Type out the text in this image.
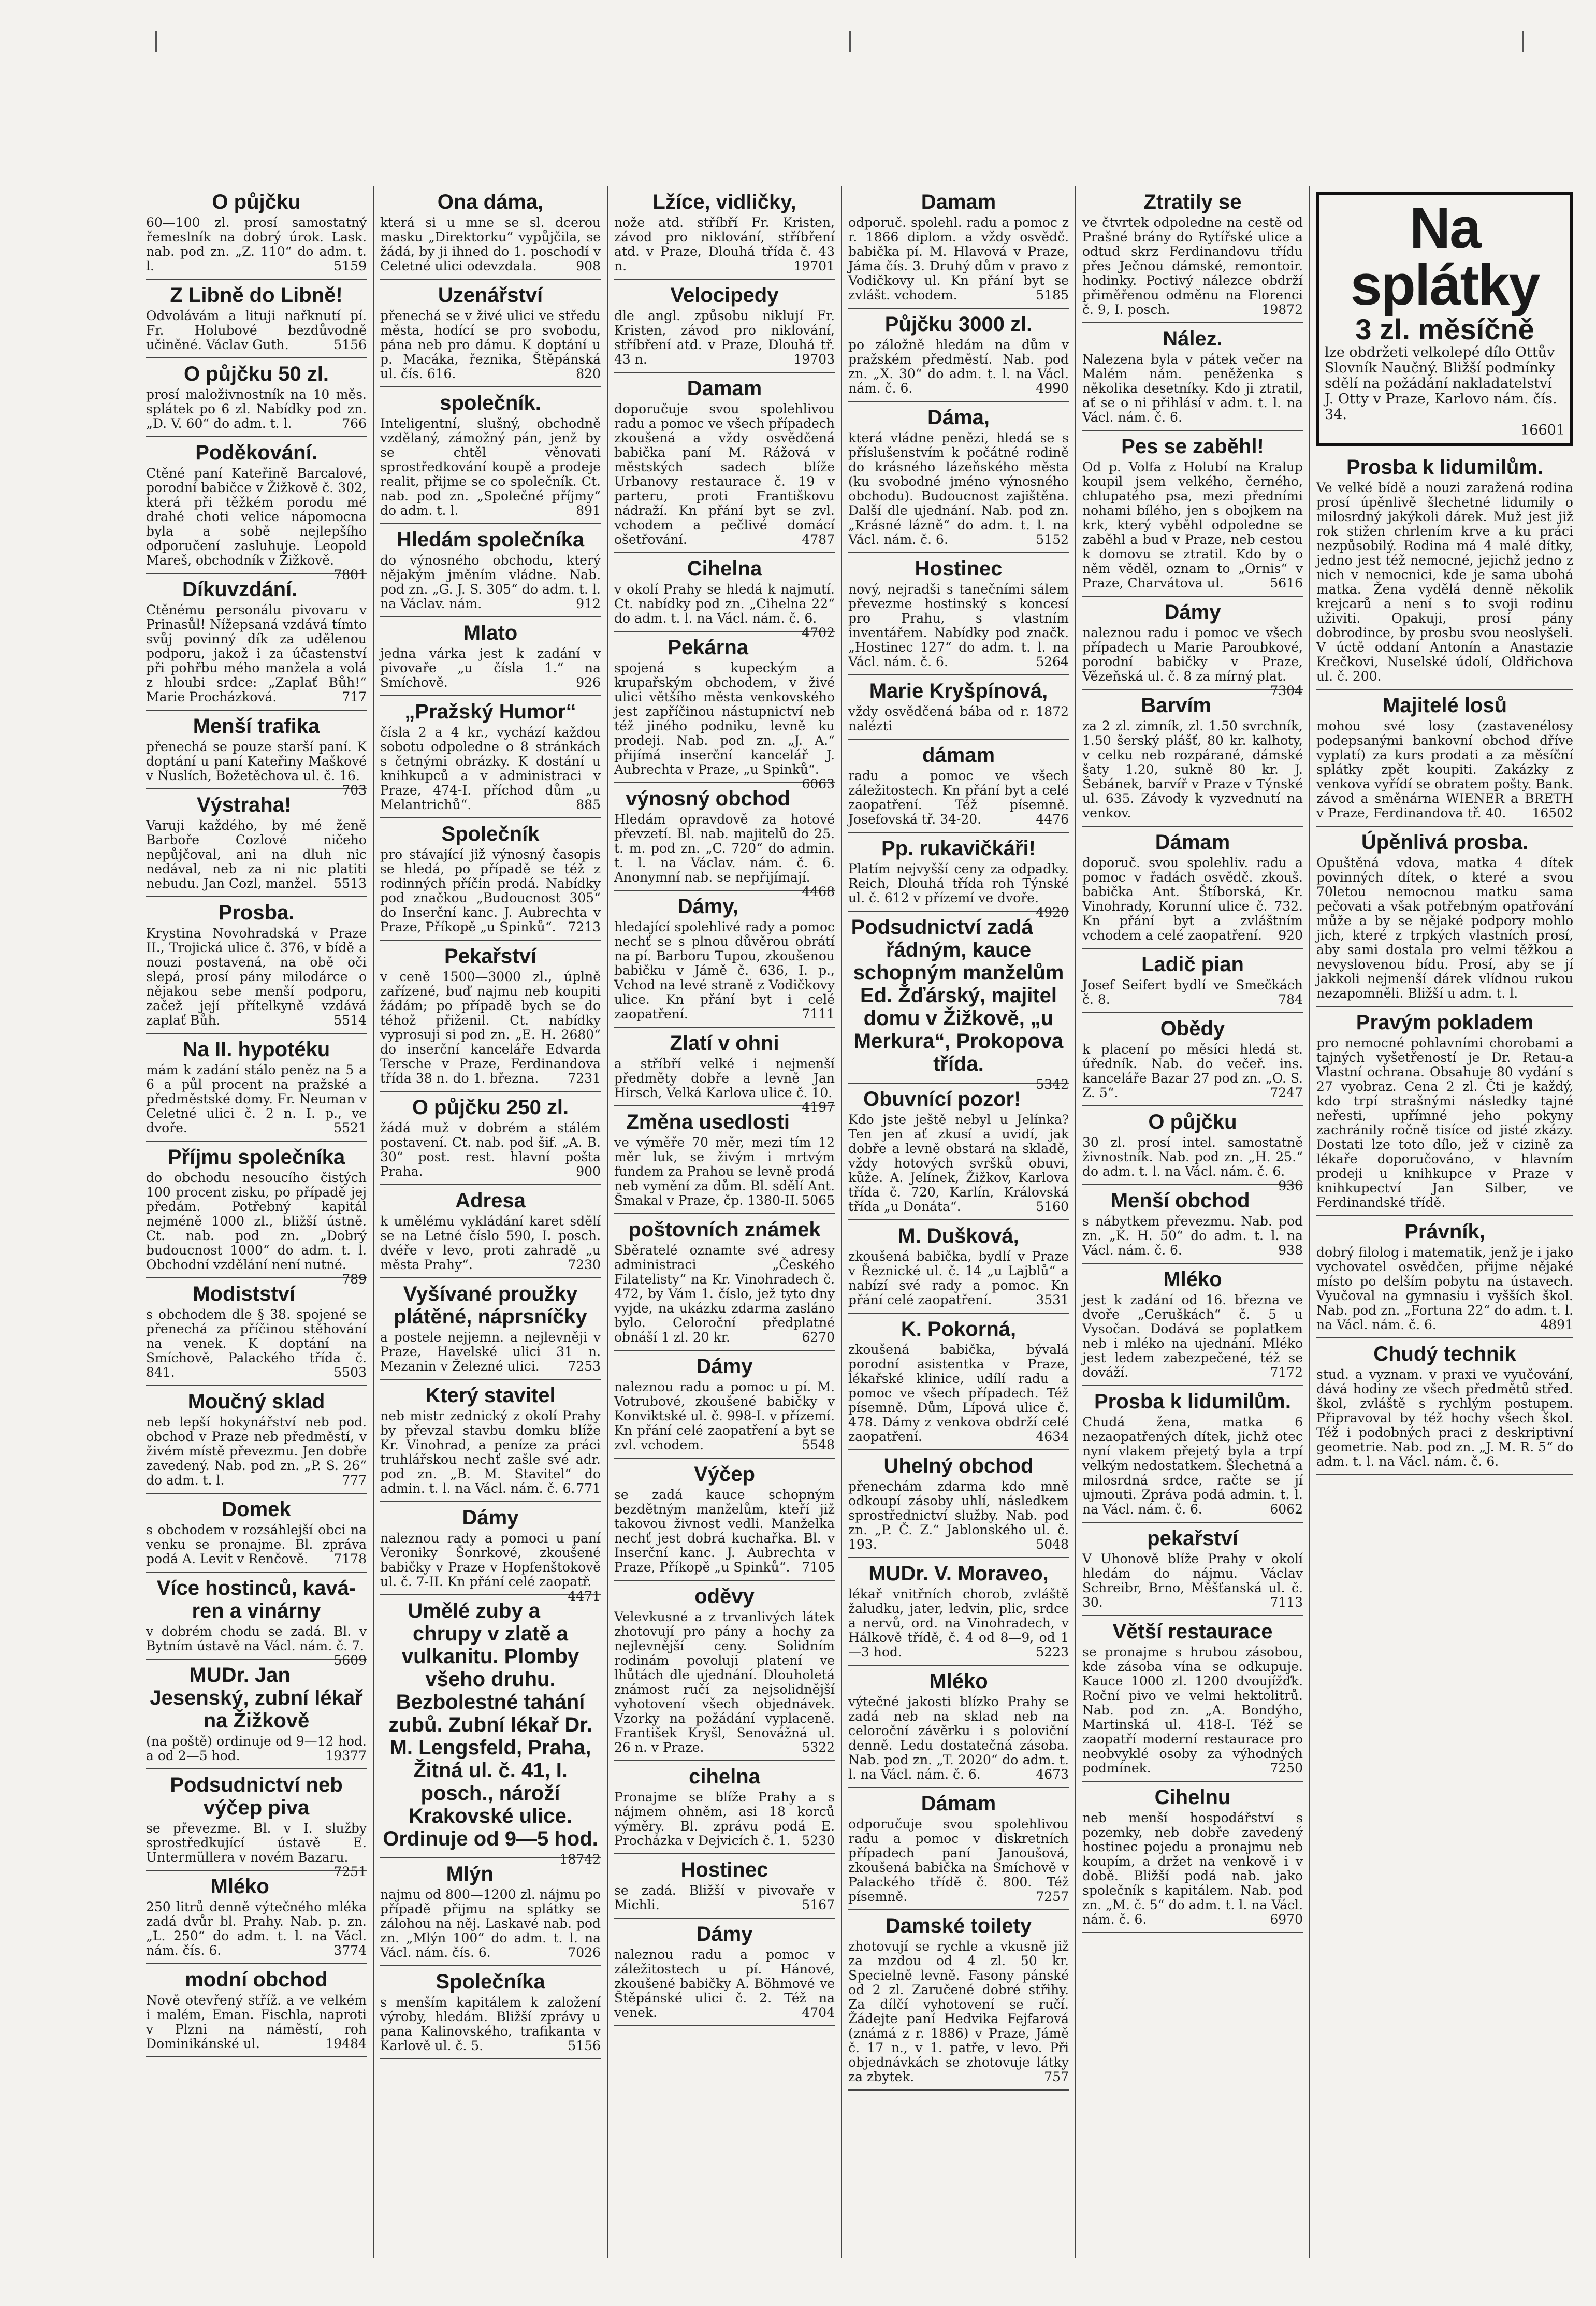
O půjčku
60—100 zl. prosí samostatný řemeslník na dobrý úrok. Lask. nab. pod zn. „Z. 110“ do adm. t. l.	5159
Z Libně do Libně!
Odvolávám a lituji nařknutí pí. Fr. Holubové bezdůvodně učiněné. Václav Guth.	5156
O půjčku 50 zl.
prosí maloživnostník na 10 měs. splátek po 6 zl. Nabídky pod zn. „D. V. 60“ do adm. t. l.	766
Poděkování.
Ctěné paní Kateřině Barcalové, porodní babičce v Žižkově č. 302, která při těžkém porodu mé drahé choti velice nápomocna byla a sobě nejlepšího odporučení zasluhuje. Leopold Mareš, obchodník v Žižkově.
7801
Díkuvzdání.
Ctěnému personálu pivovaru v Prinasůl! Nížepsaná vzdává tímto svůj povinný dík za udělenou podporu, jakož i za účastenství při pohřbu mého manžela a volá z hloubi srdce: „Zaplať Bůh!“ Marie Procházková.	717
Menší trafika
přenechá se pouze starší paní. K doptání u paní Kateřiny Maškové v Nuslích, Božetěchova ul. č. 16.
703
Výstraha!
Varuji každého, by mé ženě Barboře Cozlové ničeho nepůjčoval, ani na dluh nic nedával, neb za ni nic platiti nebudu. Jan Cozl, manžel. 5513
Prosba.
Krystina Novohradská v Praze II., Trojická ulice č. 376, v bídě a nouzi postavená, na obě oči slepá, prosí pány milodárce o nějakou sebe menší podporu, začež její přítelkyně vzdává zaplať Bůh.	5514
Na II. hypotéku
mám k zadání stálo peněz na 5 a 6 a půl procent na pražské a předměstské domy. Fr. Neuman v Celetné ulici č. 2 n. I. p., ve dvoře.	5521
Příjmu společníka
do obchodu nesoucího čistých 100 procent zisku, po případě jej předám. Potřebný kapitál nejméně 1000 zl., bližší ústně. Ct. nab. pod zn. „Dobrý budoucnost 1000“ do adm. t. l. Obchodní vzdělání není nutné.
789
Modistství
s obchodem dle § 38. spojené se přenechá za příčinou stěhování na venek. K doptání na Smíchově, Palackého třída č. 841.	5503
Moučný sklad
neb lepší hokynářství neb pod. obchod v Praze neb předměstí, v živém místě převezmu. Jen dobře zavedený. Nab. pod zn. „P. S. 26“ do adm. t. l.	777
Domek
s obchodem v rozsáhlejší obci na venku se pronajme. Bl. zpráva podá A. Levit v Renčově. 7178
Více hostinců, kaváren a vinárny
v dobrém chodu se zadá. Bl. v Bytním ústavě na Václ. nám. č. 7.
5609
MUDr. Jan Jesenský, zubní lékař na Žižkově
(na poště) ordinuje od 9—12 hod. a od 2—5 hod.	19377
Podsudnictví neb výčep piva
se převezme. Bl. v I. služby sprostředkující ústavě E. Untermüllera v novém Bazaru.
7251
Mléko
250 litrů denně výtečného mléka zadá dvůr bl. Prahy. Nab. p. zn. „L. 250“ do adm. t. l. na Václ. nám. čís. 6.	3774
modní obchod
Nově otevřený stříž. a ve velkém i malém, Eman. Fischla, naproti v Plzni na náměstí, roh Dominikánské ul.	19484
Ona dáma,
která si u mne se sl. dcerou masku „Direktorku“ vypůjčila, se žádá, by ji ihned do 1. poschodí v Celetné ulici odevzdala.	908
Uzenářství
přenechá se v živé ulici ve středu města, hodící se pro svobodu, pána neb pro dámu. K doptání u p. Macáka, řeznika, Štěpánská ul. čís. 616.	820
společník.
Inteligentní, slušný, obchodně vzdělaný, zámožný pán, jenž by se chtěl věnovati sprostředkování koupě a prodeje realit, přijme se co společník. Ct. nab. pod zn. „Společné příjmy“ do adm. t. l.	891
Hledám společníka
do výnosného obchodu, který nějakým jměním vládne. Nab. pod zn. „G. J. S. 305“ do adm. t. l. na Václav. nám.	912
Mlato
jedna várka jest k zadání v pivovaře „u čísla 1.“ na Smíchově.	926
„Pražský Humor“
čísla 2 a 4 kr., vychází každou sobotu odpoledne o 8 stránkách s četnými obrázky. K dostání u knihkupců a v administraci v Praze, 474-I. příchod dům „u Melantrichů“.	885
Společník
pro stávající již výnosný časopis se hledá, po případě se též z rodinných příčin prodá. Nabídky pod značkou „Budoucnost 305“ do Inserční kanc. J. Aubrechta v Praze, Příkopě „u Spinků“. 7213
Pekařství
v ceně 1500—3000 zl., úplně zařízené, buď najmu neb koupiti žádám; po případě bych se do téhož přiženil. Ct. nabídky vyprosuji si pod zn. „E. H. 2680“ do inserční kanceláře Edvarda Tersche v Praze, Ferdinandova třída 38 n. do 1. března. 7231
O půjčku 250 zl.
žádá muž v dobrém a stálém postavení. Ct. nab. pod šif. „A. B. 30“ post. rest. hlavní pošta Praha.	900
Adresa
k umělému vykládání karet sdělí se na Letné číslo 590, I. posch. dvéře v levo, proti zahradě „u města Prahy“.	7230
Vyšívané proužky plátěné, náprsníčky
a postele nejjemn. a nejlevněji v Praze, Havelské ulici 31 n. Mezanin v Železné ulici. 7253
Který stavitel
neb mistr zednický z okolí Prahy by převzal stavbu domku blíže Kr. Vinohrad, a peníze za práci truhlářskou nechť zašle své adr. pod zn. „B. M. Stavitel“ do admin. t. l. na Václ. nám. č. 6. 771
Dámy
naleznou rady a pomoci u paní Veroniky Šonrkové, zkoušené babičky v Praze v Hopfenštokově ul. č. 7-II. Kn přání celé zaopatř.
4471
Umělé zuby a chrupy v zlatě a vulkanitu. Plomby všeho druhu. Bezbolestné tahání zubů. Zubní lékař Dr. M. Lengsfeld, Praha, Žitná ul. č. 41, I. posch., nároží Krakovské ulice. Ordinuje od 9—5 hod.
18742
Mlýn
najmu od 800—1200 zl. nájmu po případě přijmu na splátky se zálohou na něj. Laskavé nab. pod zn. „Mlýn 100“ do adm. t. l. na Václ. nám. čís. 6.	7026
Společníka
s menším kapitálem k založení výroby, hledám. Bližší zprávy u pana Kalinovského, trafikanta v Karlově ul. č. 5.	5156
Lžíce, vidličky,
nože atd. stříbří Fr. Kristen, závod pro niklování, stříbření atd. v Praze, Dlouhá třída č. 43 n.	19701
Velocipedy
dle angl. způsobu niklují Fr. Kristen, závod pro niklování, stříbření atd. v Praze, Dlouhá tř. 43 n.	19703
Damam
doporučuje svou spolehlivou radu a pomoc ve všech případech zkoušená a vždy osvědčená babička paní M. Rážová v městských sadech blíže Urbanovy restaurace č. 19 v parteru, proti Františkovu nádraží. Kn přání byt se zvl. vchodem a pečlivé domácí ošetřování.	4787
Cihelna
v okolí Prahy se hledá k najmutí. Ct. nabídky pod zn. „Cihelna 22“ do adm. t. l. na Václ. nám. č. 6.
4702
Pekárna
spojená s kupeckým a krupařským obchodem, v živé ulici většího města venkovského jest zapříčinou nástupnictví neb též jiného podniku, levně ku prodeji. Nab. pod zn. „J. A.“ přijímá inserční kancelář J. Aubrechta v Praze, „u Spinků“.
6063
výnosný obchod
Hledám opravdově za hotové převzetí. Bl. nab. majitelů do 25. t. m. pod zn. „C. 720“ do admin. t. l. na Václav. nám. č. 6. Anonymní nab. se nepřijímají.
4468
Dámy,
hledající spolehlivé rady a pomoc nechť se s plnou důvěrou obrátí na pí. Barboru Tupou, zkoušenou babičku v Jámě č. 636, I. p., Vchod na levé straně z Vodičkovy ulice. Kn přání byt i celé zaopatření.	7111
Zlatí v ohni
a stříbří velké i nejmenší předměty dobře a levně Jan Hirsch, Velká Karlova ulice č. 10.
4197
Změna usedlosti
ve výměře 70 měr, mezi tím 12 měr luk, se živým i mrtvým fundem za Prahou se levně prodá neb vymění za dům. Bl. sdělí Ant. Šmakal v Praze, čp. 1380-II. 5065
poštovních známek
Sběratelé oznamte své adresy administraci „Českého Filatelisty“ na Kr. Vinohradech č. 472, by Vám 1. číslo, jež tyto dny vyjde, na ukázku zdarma zasláno bylo. Celoroční předplatné obnáší 1 zl. 20 kr.	6270
Dámy
naleznou radu a pomoc u pí. M. Votrubové, zkoušené babičky v Konviktské ul. č. 998-I. v přízemí. Kn přání celé zaopatření a byt se zvl. vchodem.	5548
Výčep
se zadá kauce schopným bezdětným manželům, kteří již takovou živnost vedli. Manželka nechť jest dobrá kuchařka. Bl. v Inserční kanc. J. Aubrechta v Praze, Příkopě „u Spinků“. 7105
oděvy
Velevkusné a z trvanlivých látek zhotovují pro pány a hochy za nejlevnější ceny. Solidním rodinám povoluji platení ve lhůtách dle ujednání. Dlouholetá známost ručí za nejsolidnější vyhotovení všech objednávek. Vzorky na požádání vyplaceně. František Kryšl, Senovážná ul. 26 n. v Praze.	5322
cihelna
Pronajme se blíže Prahy a s nájmem ohněm, asi 18 korců výměry. Bl. zprávu podá E. Procházka v Dejvicích č. 1. 5230
Hostinec
se zadá. Bližší v pivovaře v Michli.	5167
Dámy
naleznou radu a pomoc v záležitostech u pí. Hánové, zkoušené babičky A. Böhmové ve Štěpánské ulici č. 2. Též na venek.	4704
Damam
odporuč. spolehl. radu a pomoc z r. 1866 diplom. a vždy osvědč. babička pí. M. Hlavová v Praze, Jáma čís. 3. Druhý dům v pravo z Vodičkovy ul. Kn přání byt se zvlášt. vchodem.	5185
Půjčku 3000 zl.
po záložně hledám na dům v pražském předměstí. Nab. pod zn. „X. 30“ do adm. t. l. na Václ. nám. č. 6.	4990
Dáma,
která vládne penězi, hledá se s příslušenstvím k počátné rodině do krásného lázeňského města (ku svobodné jméno výnosného obchodu). Budoucnost zajištěna. Další dle ujednání. Nab. pod zn. „Krásné lázně“ do adm. t. l. na Václ. nám. č. 6.	5152
Hostinec
nový, nejradši s tanečními sálem převezme hostinský s koncesí pro Prahu, s vlastním inventářem. Nabídky pod značk. „Hostinec 127“ do adm. t. l. na Václ. nám. č. 6.	5264
Marie Kryšpínová,
vždy osvědčená bába od r. 1872 nalézti
dámam
radu a pomoc ve všech záležitostech. Kn přání byt a celé zaopatření. Též písemně. Josefovská tř. 34-20.	4476
Pp. rukavičkáři!
Platím nejvyšší ceny za odpadky. Reich, Dlouhá třída roh Týnské ul. č. 612 v přízemí ve dvoře.
4920
Podsudnictví zadá řádným, kauce schopným manželům Ed. Žďárský, majitel domu v Žižkově, „u Merkura“, Prokopova třída.
5342
Obuvnící pozor!
Kdo jste ještě nebyl u Jelínka? Ten jen ať zkusí a uvidí, jak dobře a levně obstará na skladě, vždy hotových svršků obuvi, kůže. A. Jelínek, Žižkov, Karlova třída č. 720, Karlín, Královská třída „u Donáta“.	5160
M. Dušková,
zkoušená babička, bydlí v Praze v Řeznické ul. č. 14 „u Lajblů“ a nabízí své rady a pomoc. Kn přání celé zaopatření.	3531
K. Pokorná,
zkoušená babička, bývalá porodní asistentka v Praze, lékařské klinice, udílí radu a pomoc ve všech případech. Též písemně. Dům, Lípová ulice č. 478. Dámy z venkova obdrží celé zaopatření.	4634
Uhelný obchod
přenechám zdarma kdo mně odkoupí zásoby uhlí, následkem sprostřednictví služby. Nab. pod zn. „P. Č. Z.“ Jablonského ul. č. 193.	5048
MUDr. V. Moraveo,
lékař vnitřních chorob, zvláště žaludku, jater, ledvin, plic, srdce a nervů, ord. na Vinohradech, v Hálkově třídě, č. 4 od 8—9, od 1—3 hod.	5223
Mléko
výtečné jakosti blízko Prahy se zadá neb na sklad neb na celoroční závěrku i s poloviční denně. Ledu dostatečná zásoba. Nab. pod zn. „T. 2020“ do adm. t. l. na Václ. nám. č. 6.	4673
Dámam
odporučuje svou spolehlivou radu a pomoc v diskretních případech paní Janoušová, zkoušená babička na Smíchově v Palackého třídě č. 800. Též písemně.	7257
Damské toilety
zhotovují se rychle a vkusně již za mzdou od 4 zl. 50 kr. Specielně levně. Fasony pánské od 2 zl. Zaručené dobré střihy. Za dílčí vyhotovení se ručí. Žádejte paní Hedvika Fejfarová (známá z r. 1886) v Praze, Jámě č. 17 n., v 1. patře, v levo. Při objednávkách se zhotovuje látky za zbytek.	757
Ztratily se
ve čtvrtek odpoledne na cestě od Prašné brány do Rytířské ulice a odtud skrz Ferdinandovu třídu přes Ječnou dámské, remontoir. hodinky. Poctivý nálezce obdrží přiměřenou odměnu na Florenci č. 9, I. posch.	19872
Nález.
Nalezena byla v pátek večer na Malém nám. peněženka s několika desetníky. Kdo ji ztratil, ať se o ni přihlásí v adm. t. l. na Václ. nám. č. 6.
Pes se zaběhl!
Od p. Volfa z Holubí na Kralup koupil jsem velkého, černého, chlupatého psa, mezi předními nohami bílého, jen s obojkem na krk, který vyběhl odpoledne se zaběhl a bud v Praze, neb cestou k domovu se ztratil. Kdo by o něm věděl, oznam to „Ornis“ v Praze, Charvátova ul.	5616
Dámy
naleznou radu i pomoc ve všech případech u Marie Paroubkové, porodní babičky v Praze, Vězeňská ul. č. 8 za mírný plat.
7304
Barvím
za 2 zl. zimník, zl. 1.50 svrchník, 1.50 šerský plášť, 80 kr. kalhoty, v celku neb rozpárané, dámské šaty 1.20, sukně 80 kr. J. Šebánek, barvíř v Praze v Týnské ul. 635. Závody k vyzvednutí na venkov.
Dámam
doporuč. svou spolehliv. radu a pomoc v řadách osvědč. zkouš. babička Ant. Štíborská, Kr. Vinohrady, Korunní ulice č. 732. Kn přání byt a zvláštním vchodem a celé zaopatření. 920
Ladič pian
Josef Seifert bydlí ve Smečkách č. 8.	784
Obědy
k placení po měsíci hledá st. úředník. Nab. do večeř. ins. kanceláře Bazar 27 pod zn. „O. S. Z. 5“.	7247
O půjčku
30 zl. prosí intel. samostatně živnostník. Nab. pod zn. „H. 25.“ do adm. t. l. na Václ. nám. č. 6.
936
Menší obchod
s nábytkem převezmu. Nab. pod zn. „K. H. 50“ do adm. t. l. na Václ. nám. č. 6.	938
Mléko
jest k zadání od 16. března ve dvoře „Ceruškách“ č. 5 u Vysočan. Dodává se poplatkem neb i mléko na ujednání. Mléko jest ledem zabezpečené, též se dováží.	7172
Prosba k lidumilům.
Chudá žena, matka 6 nezaopatřených dítek, jichž otec nyní vlakem přejetý byla a trpí velkým nedostatkem. Šlechetná a milosrdná srdce, račte se jí ujmouti. Zpráva podá admin. t. l. na Václ. nám. č. 6.	6062
pekařství
V Uhonově blíže Prahy v okolí hledám do nájmu. Václav Schreibr, Brno, Měšťanská ul. č. 30.	7113
Větší restaurace
se pronajme s hrubou zásobou, kde zásoba vína se odkupuje. Kauce 1000 zl. 1200 dvoujížďk. Roční pivo ve velmi hektolitrů. Nab. pod zn. „A. Bondýho, Martinská ul. 418-I. Též se zaopatří moderní restaurace pro neobvyklé osoby za výhodných podmínek.	7250
Cihelnu
neb menší hospodářství s pozemky, neb dobře zavedený hostinec pojedu a pronajmu neb koupím, a držet na venkově i v době. Bližší podá nab. jako společník s kapitálem. Nab. pod zn. „M. č. 5“ do adm. t. l. na Václ. nám. č. 6.	6970
Na splátky
3 zl. měsíčně
lze obdržeti velkolepé dílo Ottův Slovník Naučný. Bližší podmínky sdělí na požádání nakladatelství J. Otty v Praze, Karlovo nám. čís. 34.
16601
Prosba k lidumilům.
Ve velké bídě a nouzi zaražená rodina prosí úpěnlivě šlechetné lidumily o milosrdný jakýkoli dárek. Muž jest již rok stižen chrlením krve a ku práci nezpůsobilý. Rodina má 4 malé dítky, jedno jest též nemocné, jejichž jedno z nich v nemocnici, kde je sama ubohá matka. Žena vydělá denně několik krejcarů a není s to svoji rodinu uživiti. Opakuji, prosí pány dobrodince, by prosbu svou neoslyšeli. V úctě oddaní Antonín a Anastazie Krečkovi, Nuselské údolí, Oldřichova ul. č. 200.
Majitelé losů
mohou své losy (zastavenélosy podepsanými bankovní obchod dříve vyplatí) za kurs prodati a za měsíční splátky zpět koupiti. Zakázky z venkova vyřídí se obratem pošty. Bank. závod a směnárna WIENER a BRETH v Praze, Ferdinandova tř. 40. 16502
Úpěnlivá prosba.
Opuštěná vdova, matka 4 dítek povinných dítek, o které a svou 70letou nemocnou matku sama pečovati a však potřebným opatřování může a by se nějaké podpory mohlo jich, které z trpkých vlastních prosí, aby sami dostala pro velmi těžkou a nevyslovenou bídu. Prosí, aby se jí jakkoli nejmenší dárek vlídnou rukou nezapomněli. Bližší u adm. t. l.
Pravým pokladem
pro nemocné pohlavními chorobami a tajných vyšetřeností je Dr. Retau-a Vlastní ochrana. Obsahuje 80 vydání s 27 vyobraz. Cena 2 zl. Čti je každý, kdo trpí strašnými následky tajné neřesti, upřímné jeho pokyny zachránily ročně tisíce od jisté zkázy. Dostati lze toto dílo, jež v cizině za lékaře doporučováno, v hlavním prodeji u knihkupce v Praze v knihkupectví Jan Silber, ve Ferdinandské třídě.
Právník,
dobrý filolog i matematik, jenž je i jako vychovatel osvědčen, přijme nějaké místo po delším pobytu na ústavech. Vyučoval na gymnasiu i vyšších škol. Nab. pod zn. „Fortuna 22“ do adm. t. l. na Václ. nám. č. 6.	4891
Chudý technik
stud. a vyznam. v praxi ve vyučování, dává hodiny ze všech předmětů střed. škol, zvláště s rychlým postupem. Připravoval by též hochy všech škol. Též i podobných praci z deskriptivní geometrie. Nab. pod zn. „J. M. R. 5“ do adm. t. l. na Václ. nám. č. 6.
